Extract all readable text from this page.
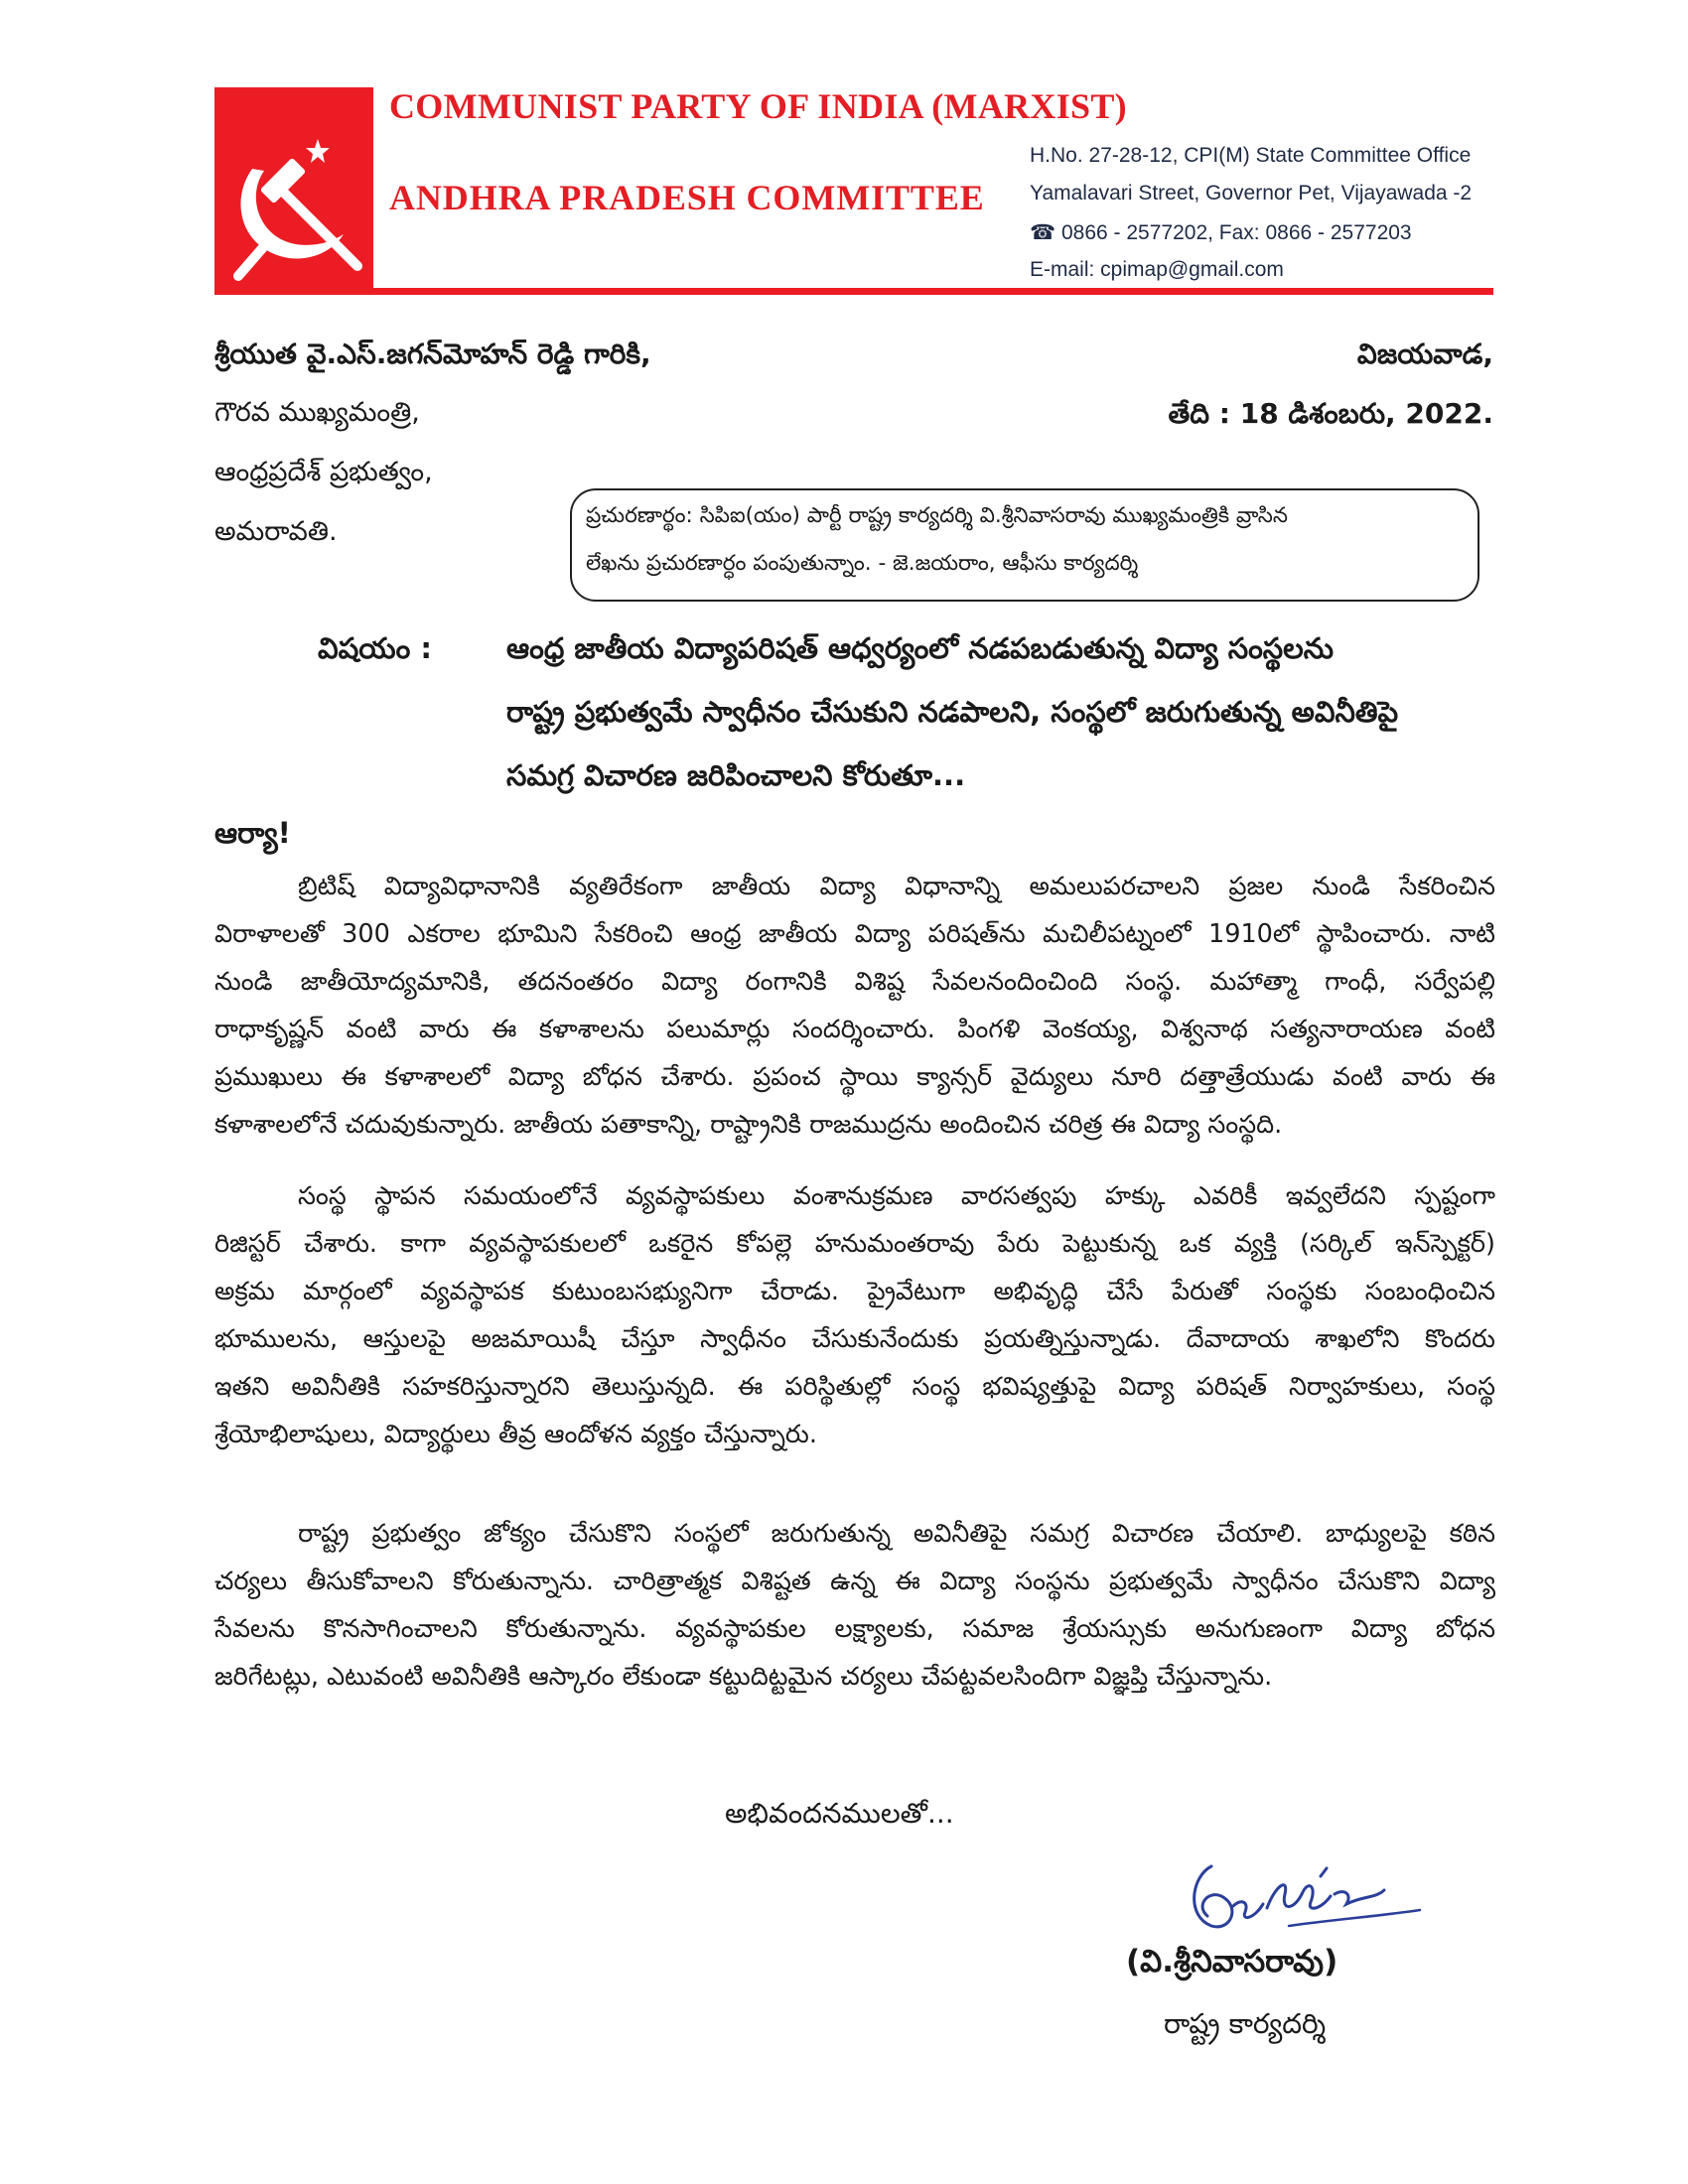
COMMUNIST PARTY OF INDIA (MARXIST)
ANDHRA PRADESH COMMITTEE
H.No. 27-28-12, CPI(M) State Committee Office
Yamalavari Street, Governor Pet, Vijayawada -2
☎ 0866 - 2577202, Fax: 0866 - 2577203
E-mail: cpimap@gmail.com
శ్రీయుత వై.ఎస్.జగన్‌మోహన్ రెడ్డి గారికి,
గౌరవ ముఖ్యమంత్రి,
ఆంధ్రప్రదేశ్ ప్రభుత్వం,
అమరావతి.
విజయవాడ,
తేది : 18 డిశంబరు, 2022.
ప్రచురణార్థం: సిపిఐ(యం) పార్టీ రాష్ట్ర కార్యదర్శి వి.శ్రీనివాసరావు ముఖ్యమంత్రికి వ్రాసిన
లేఖను ప్రచురణార్ధం పంపుతున్నాం. - జె.జయరాం, ఆఫీసు కార్యదర్శి
విషయం :	ఆంధ్ర జాతీయ విద్యాపరిషత్ ఆధ్వర్యంలో నడపబడుతున్న విద్యా సంస్థలను
రాష్ట్ర ప్రభుత్వమే స్వాధీనం చేసుకుని నడపాలని, సంస్థలో జరుగుతున్న అవినీతిపై
సమగ్ర విచారణ జరిపించాలని కోరుతూ...
ఆర్యా!
బ్రిటిష్ విద్యావిధానానికి వ్యతిరేకంగా జాతీయ విద్యా విధానాన్ని అమలుపరచాలని ప్రజల నుండి సేకరించిన
విరాళాలతో 300 ఎకరాల భూమిని సేకరించి ఆంధ్ర జాతీయ విద్యా పరిషత్‌ను మచిలీపట్నంలో 1910లో స్థాపించారు. నాటి
నుండి జాతీయోద్యమానికి, తదనంతరం విద్యా రంగానికి విశిష్ట సేవలనందించింది సంస్థ. మహాత్మా గాంధీ, సర్వేపల్లి
రాధాకృష్ణన్ వంటి వారు ఈ కళాశాలను పలుమార్లు సందర్శించారు. పింగళి వెంకయ్య, విశ్వనాథ సత్యనారాయణ వంటి
ప్రముఖులు ఈ కళాశాలలో విద్యా బోధన చేశారు. ప్రపంచ స్థాయి క్యాన్సర్ వైద్యులు నూరి దత్తాత్రేయుడు వంటి వారు ఈ
కళాశాలలోనే చదువుకున్నారు. జాతీయ పతాకాన్ని, రాష్ట్రానికి రాజముద్రను అందించిన చరిత్ర ఈ విద్యా సంస్థది.
సంస్థ స్థాపన సమయంలోనే వ్యవస్థాపకులు వంశానుక్రమణ వారసత్వపు హక్కు ఎవరికీ ఇవ్వలేదని స్పష్టంగా
రిజిస్టర్ చేశారు. కాగా వ్యవస్థాపకులలో ఒకరైన కోపల్లె హనుమంతరావు పేరు పెట్టుకున్న ఒక వ్యక్తి (సర్కిల్ ఇన్‌స్పెక్టర్)
అక్రమ మార్గంలో వ్యవస్థాపక కుటుంబసభ్యునిగా చేరాడు. ప్రైవేటుగా అభివృద్ధి చేసే పేరుతో సంస్థకు సంబంధించిన
భూములను, ఆస్తులపై అజమాయిషీ చేస్తూ స్వాధీనం చేసుకునేందుకు ప్రయత్నిస్తున్నాడు. దేవాదాయ శాఖలోని కొందరు
ఇతని అవినీతికి సహకరిస్తున్నారని తెలుస్తున్నది. ఈ పరిస్థితుల్లో సంస్థ భవిష్యత్తుపై విద్యా పరిషత్ నిర్వాహకులు, సంస్థ
శ్రేయోభిలాషులు, విద్యార్థులు తీవ్ర ఆందోళన వ్యక్తం చేస్తున్నారు.
రాష్ట్ర ప్రభుత్వం జోక్యం చేసుకొని సంస్థలో జరుగుతున్న అవినీతిపై సమగ్ర విచారణ చేయాలి. బాధ్యులపై కఠిన
చర్యలు తీసుకోవాలని కోరుతున్నాను. చారిత్రాత్మక విశిష్టత ఉన్న ఈ విద్యా సంస్థను ప్రభుత్వమే స్వాధీనం చేసుకొని విద్యా
సేవలను కొనసాగించాలని కోరుతున్నాను. వ్యవస్థాపకుల లక్ష్యాలకు, సమాజ శ్రేయస్సుకు అనుగుణంగా విద్యా బోధన
జరిగేటట్లు, ఎటువంటి అవినీతికి ఆస్కారం లేకుండా కట్టుదిట్టమైన చర్యలు చేపట్టవలసిందిగా విజ్ఞప్తి చేస్తున్నాను.
అభివందనములతో...
(వి.శ్రీనివాసరావు)
రాష్ట్ర కార్యదర్శి
